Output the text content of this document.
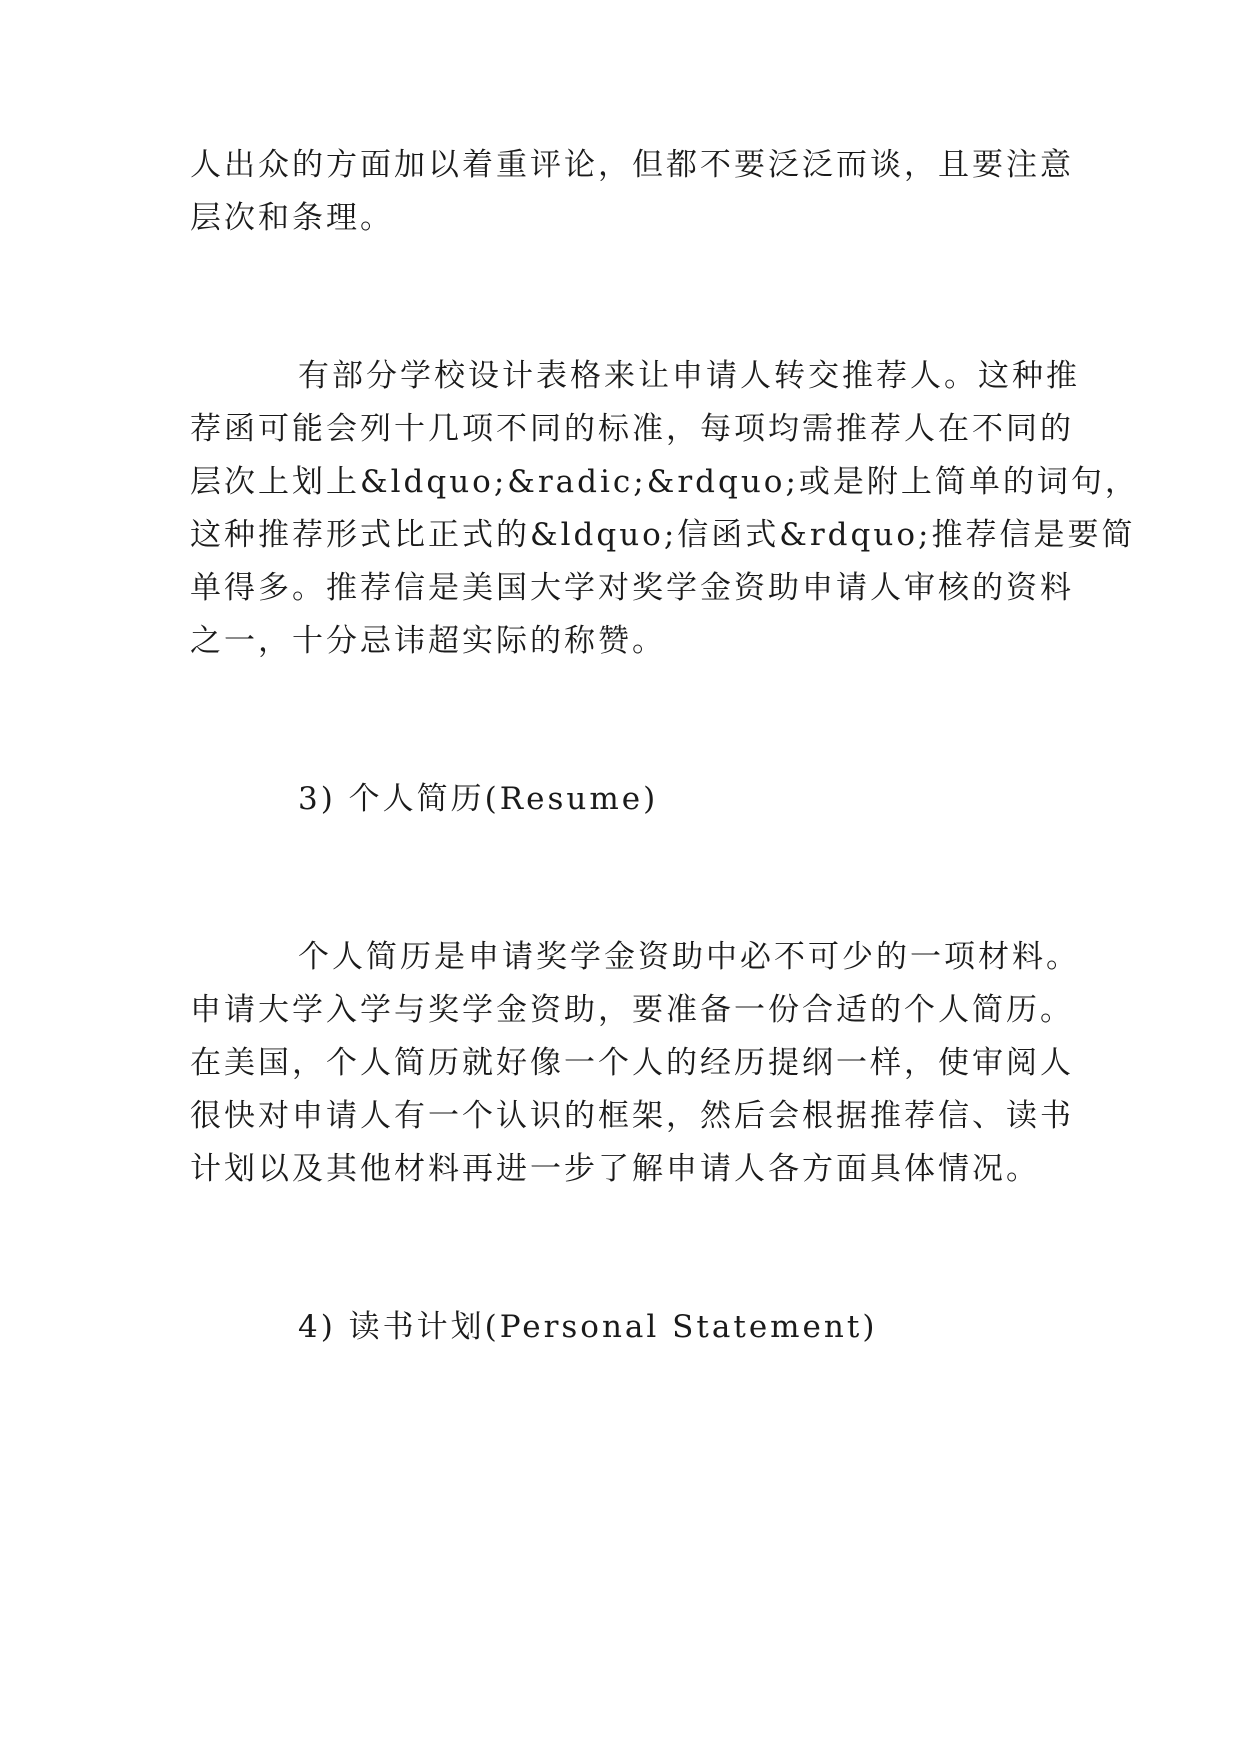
人出众的方面加以着重评论，但都不要泛泛而谈，且要注意
层次和条理。
有部分学校设计表格来让申请人转交推荐人。这种推
荐函可能会列十几项不同的标准，每项均需推荐人在不同的
层次上划上&ldquo;&radic;&rdquo;或是附上简单的词句，
这种推荐形式比正式的&ldquo;信函式&rdquo;推荐信是要简
单得多。推荐信是美国大学对奖学金资助申请人审核的资料
之一，十分忌讳超实际的称赞。
3) 个人简历(Resume)
个人简历是申请奖学金资助中必不可少的一项材料。
申请大学入学与奖学金资助，要准备一份合适的个人简历。
在美国，个人简历就好像一个人的经历提纲一样，使审阅人
很快对申请人有一个认识的框架，然后会根据推荐信、读书
计划以及其他材料再进一步了解申请人各方面具体情况。
4) 读书计划(Personal Statement)
